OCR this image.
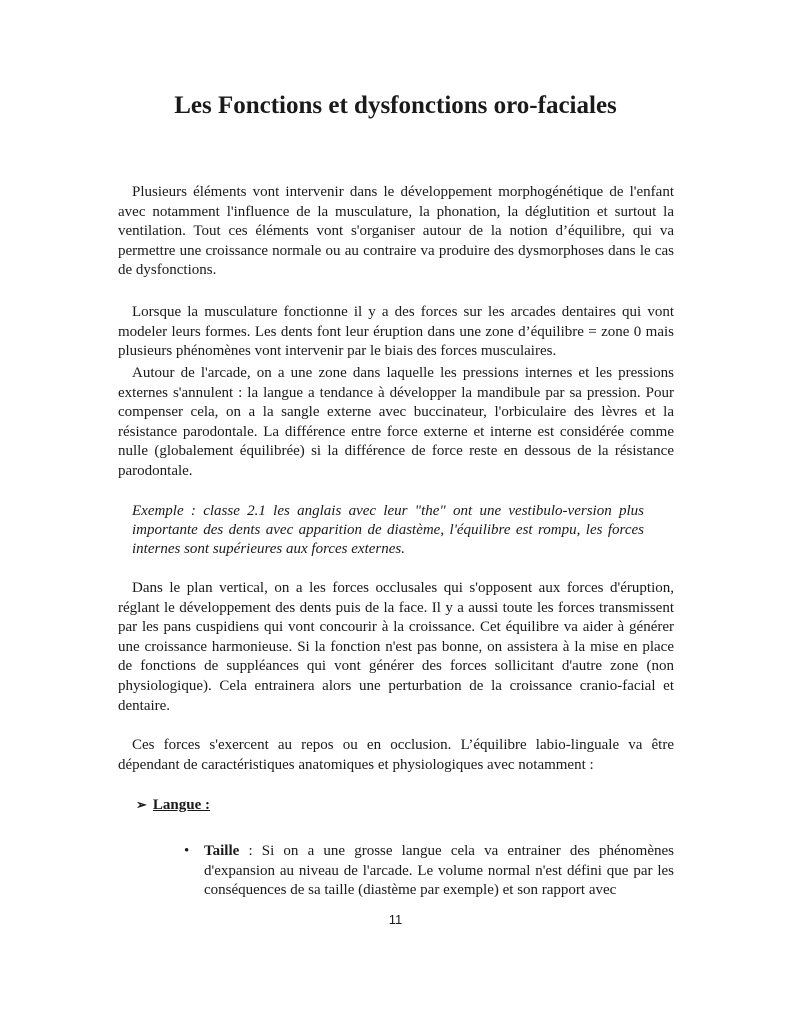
Les Fonctions et dysfonctions oro-faciales

Plusieurs éléments vont intervenir dans le développement morphogénétique de l'enfant avec notamment l'influence de la musculature, la phonation, la déglutition et surtout la ventilation. Tout ces éléments vont s'organiser autour de la notion d’équilibre, qui va permettre une croissance normale ou au contraire va produire des dysmorphoses dans le cas de dysfonctions.

Lorsque la musculature fonctionne il y a des forces sur les arcades dentaires qui vont modeler leurs formes. Les dents font leur éruption dans une zone d’équilibre = zone 0 mais plusieurs phénomènes vont intervenir par le biais des forces musculaires.

Autour de l'arcade, on a une zone dans laquelle les pressions internes et les pressions externes s'annulent : la langue a tendance à développer la mandibule par sa pression. Pour compenser cela, on a la sangle externe avec buccinateur, l'orbiculaire des lèvres et la résistance parodontale. La différence entre force externe et interne est considérée comme nulle (globalement équilibrée) si la différence de force reste en dessous de la résistance parodontale.

Exemple : classe 2.1 les anglais avec leur "the" ont une vestibulo-version plus importante des dents avec apparition de diastème, l'équilibre est rompu, les forces internes sont supérieures aux forces externes.

Dans le plan vertical, on a les forces occlusales qui s'opposent aux forces d'éruption, réglant le développement des dents puis de la face. Il y a aussi toute les forces transmissent par les pans cuspidiens qui vont concourir à la croissance. Cet équilibre va aider à générer une croissance harmonieuse. Si la fonction n'est pas bonne, on assistera à la mise en place de fonctions de suppléances qui vont générer des forces sollicitant d'autre zone (non physiologique). Cela entrainera alors une perturbation de la croissance cranio-facial et dentaire.

Ces forces s'exercent au repos ou en occlusion. L’équilibre labio-linguale va être dépendant de caractéristiques anatomiques et physiologiques avec notamment :

➢ Langue :
• Taille : Si on a une grosse langue cela va entrainer des phénomènes d'expansion au niveau de l'arcade. Le volume normal n'est défini que par les conséquences de sa taille (diastème par exemple) et son rapport avec
11
